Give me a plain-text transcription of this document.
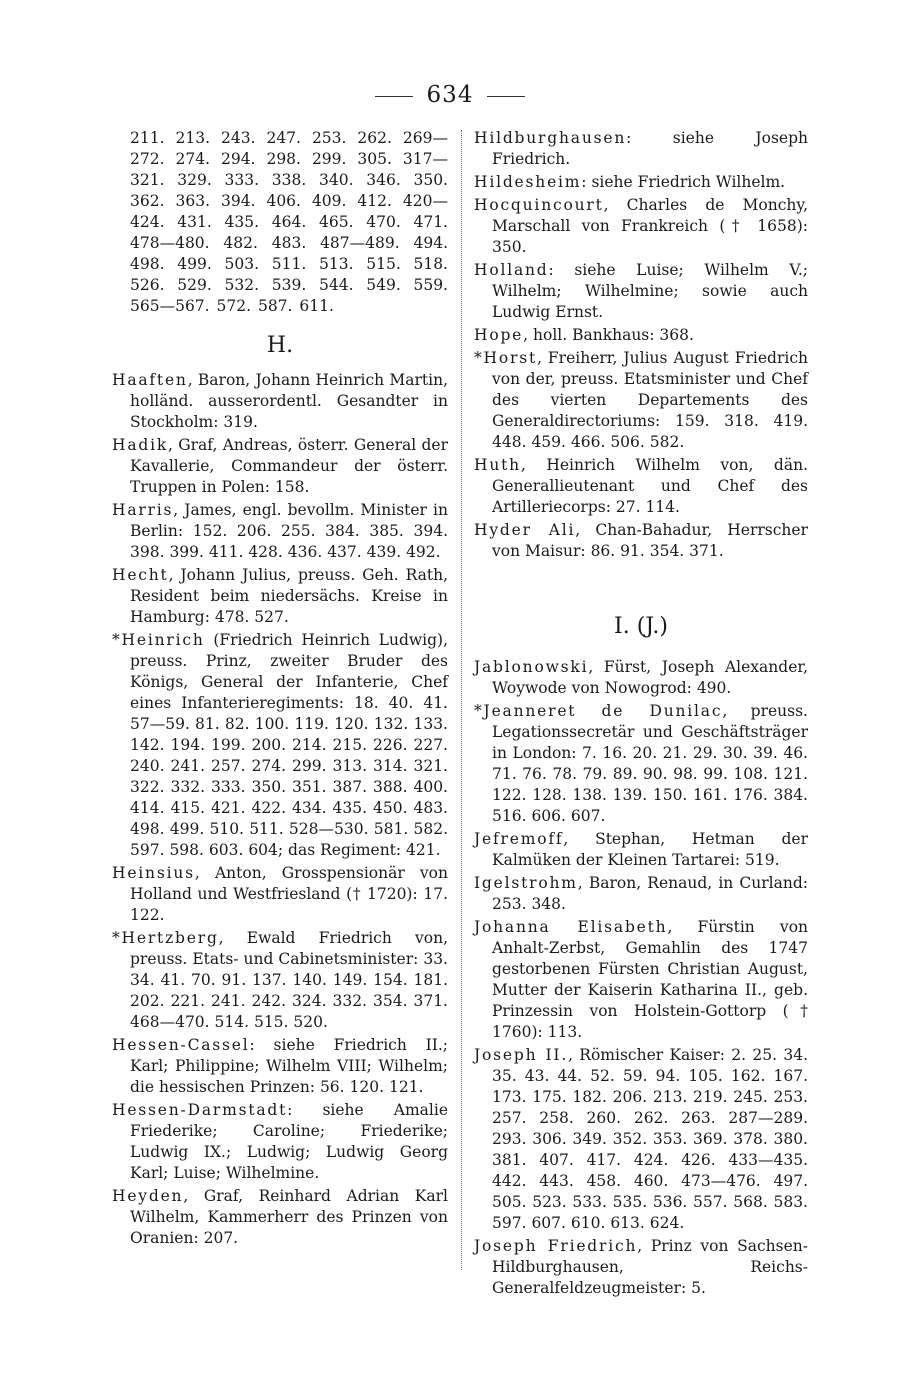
634

211. 213. 243. 247. 253. 262. 269—272. 274. 294. 298. 299. 305. 317—321. 329. 333. 338. 340. 346. 350. 362. 363. 394. 406. 409. 412. 420—424. 431. 435. 464. 465. 470. 471. 478—480. 482. 483. 487—489. 494. 498. 499. 503. 511. 513. 515. 518. 526. 529. 532. 539. 544. 549. 559. 565—567. 572. 587. 611.

H.

Haaften, Baron, Johann Heinrich Martin, holländ. ausserordentl. Gesandter in Stockholm: 319.

Hadik, Graf, Andreas, österr. General der Kavallerie, Commandeur der österr. Truppen in Polen: 158.

Harris, James, engl. bevollm. Minister in Berlin: 152. 206. 255. 384. 385. 394. 398. 399. 411. 428. 436. 437. 439. 492.

Hecht, Johann Julius, preuss. Geh. Rath, Resident beim niedersächs. Kreise in Hamburg: 478. 527.

*Heinrich (Friedrich Heinrich Ludwig), preuss. Prinz, zweiter Bruder des Königs, General der Infanterie, Chef eines Infanterieregiments: 18. 40. 41. 57—59. 81. 82. 100. 119. 120. 132. 133. 142. 194. 199. 200. 214. 215. 226. 227. 240. 241. 257. 274. 299. 313. 314. 321. 322. 332. 333. 350. 351. 387. 388. 400. 414. 415. 421. 422. 434. 435. 450. 483. 498. 499. 510. 511. 528—530. 581. 582. 597. 598. 603. 604; das Regiment: 421.

Heinsius, Anton, Grosspensionär von Holland und Westfriesland († 1720): 17. 122.

*Hertzberg, Ewald Friedrich von, preuss. Etats- und Cabinetsminister: 33. 34. 41. 70. 91. 137. 140. 149. 154. 181. 202. 221. 241. 242. 324. 332. 354. 371. 468—470. 514. 515. 520.

Hessen-Cassel: siehe Friedrich II.; Karl; Philippine; Wilhelm VIII; Wilhelm; die hessischen Prinzen: 56. 120. 121.

Hessen-Darmstadt: siehe Amalie Friederike; Caroline; Friederike; Ludwig IX.; Ludwig; Ludwig Georg Karl; Luise; Wilhelmine.

Heyden, Graf, Reinhard Adrian Karl Wilhelm, Kammerherr des Prinzen von Oranien: 207.

Hildburghausen: siehe Joseph Friedrich.

Hildesheim: siehe Friedrich Wilhelm.

Hocquincourt, Charles de Monchy, Marschall von Frankreich († 1658): 350.

Holland: siehe Luise; Wilhelm V.; Wilhelm; Wilhelmine; sowie auch Ludwig Ernst.

Hope, holl. Bankhaus: 368.

*Horst, Freiherr, Julius August Friedrich von der, preuss. Etatsminister und Chef des vierten Departements des Generaldirectoriums: 159. 318. 419. 448. 459. 466. 506. 582.

Huth, Heinrich Wilhelm von, dän. Generallieutenant und Chef des Artilleriecorps: 27. 114.

Hyder Ali, Chan-Bahadur, Herrscher von Maisur: 86. 91. 354. 371.

I. (J.)

Jablonowski, Fürst, Joseph Alexander, Woywode von Nowogrod: 490.

*Jeanneret de Dunilac, preuss. Legationssecretär und Geschäftsträger in London: 7. 16. 20. 21. 29. 30. 39. 46. 71. 76. 78. 79. 89. 90. 98. 99. 108. 121. 122. 128. 138. 139. 150. 161. 176. 384. 516. 606. 607.

Jefremoff, Stephan, Hetman der Kalmüken der Kleinen Tartarei: 519.

Igelstrohm, Baron, Renaud, in Curland: 253. 348.

Johanna Elisabeth, Fürstin von Anhalt-Zerbst, Gemahlin des 1747 gestorbenen Fürsten Christian August, Mutter der Kaiserin Katharina II., geb. Prinzessin von Holstein-Gottorp († 1760): 113.

Joseph II., Römischer Kaiser: 2. 25. 34. 35. 43. 44. 52. 59. 94. 105. 162. 167. 173. 175. 182. 206. 213. 219. 245. 253. 257. 258. 260. 262. 263. 287—289. 293. 306. 349. 352. 353. 369. 378. 380. 381. 407. 417. 424. 426. 433—435. 442. 443. 458. 460. 473—476. 497. 505. 523. 533. 535. 536. 557. 568. 583. 597. 607. 610. 613. 624.

Joseph Friedrich, Prinz von Sachsen-Hildburghausen, Reichs-Generalfeldzeugmeister: 5.
